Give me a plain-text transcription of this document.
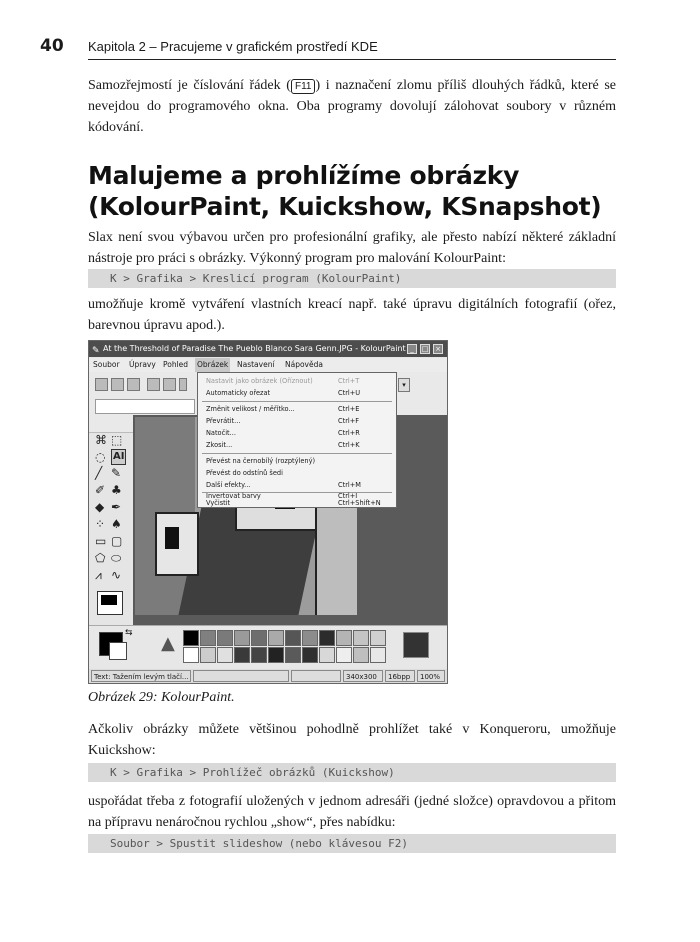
40 Kapitola 2 – Pracujeme v grafickém prostředí KDE

Samozřejmostí je číslování řádek ( F11 ) i naznačení zlomu příliš dlouhých řádků, které se nevejdou do programového okna. Oba programy dovolují zálohovat soubory v různém kódování.

Malujeme a prohlížíme obrázky (KolourPaint, Kuickshow, KSnapshot)

Slax není svou výbavou určen pro profesionální grafiky, ale přesto nabízí některé základní nástroje pro práci s obrázky. Výkonný program pro malování KolourPaint:

K > Grafika > Kreslicí program (KolourPaint)

umožňuje kromě vytváření vlastních kreací např. také úpravu digitálních fotografií (ořez, barevnou úpravu apod.).

✎ At the Threshold of Paradise The Pueblo Blanco Sara Genn.JPG - KolourPaint _	□ ×
Soubor Úpravy Pohled Obrázek Nastavení Nápověda
▾
⌘ ⬚
◌ AI
╱ ✎
✐ ♣
◆ ✒
⁘ ♠
▭ ▢
⬠ ⬭
⩘ ∿
Nastavit jako obrázek (Oříznout)	Ctrl+T
Automaticky ořezat	Ctrl+U
Změnit velikost / měřítko...	Ctrl+E
Převrátit...	Ctrl+F
Natočit...	Ctrl+R
Zkosit...	Ctrl+K
Převést na černobílý (rozptýlený)
Převést do odstínů šedi
Další efekty...	Ctrl+M
Invertovat barvy	Ctrl+I
Vyčistit	Ctrl+Shift+N
⇆ ▲
Text: Tažením levým tlačí...	340x300	16bpp	100%
Obrázek 29: KolourPaint.

Ačkoliv obrázky můžete většinou pohodlně prohlížet také v Konqueroru, umožňuje Kuickshow:

K > Grafika > Prohlížeč obrázků (Kuickshow)

uspořádat třeba z fotografií uložených v jednom adresáři (jedné složce) opravdovou a přitom na přípravu nenáročnou rychlou „show“, přes nabídku:

Soubor > Spustit slideshow (nebo klávesou F2)
